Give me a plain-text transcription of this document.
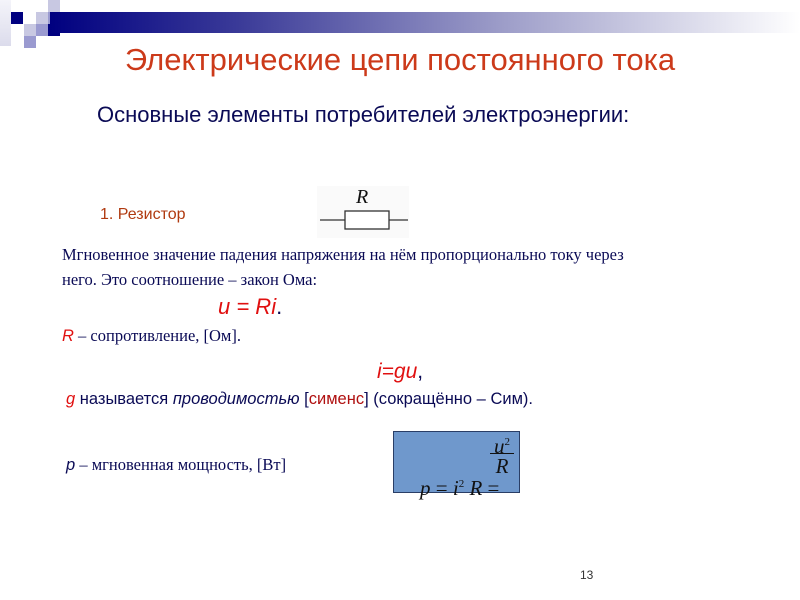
Электрические цепи постоянного тока
Основные элементы потребителей электроэнергии:
1. Резистор
R
Мгновенное значение падения напряжения на нём пропорционально току через
него. Это соотношение – закон Ома:
u = Ri.
R – сопротивление, [Ом].
i=gu,
g называется проводимостью [сименс] (сокращённо – Сим).
p – мгновенная мощность, [Вт]

$p = i^2$ R =

$u^2$
R
13
